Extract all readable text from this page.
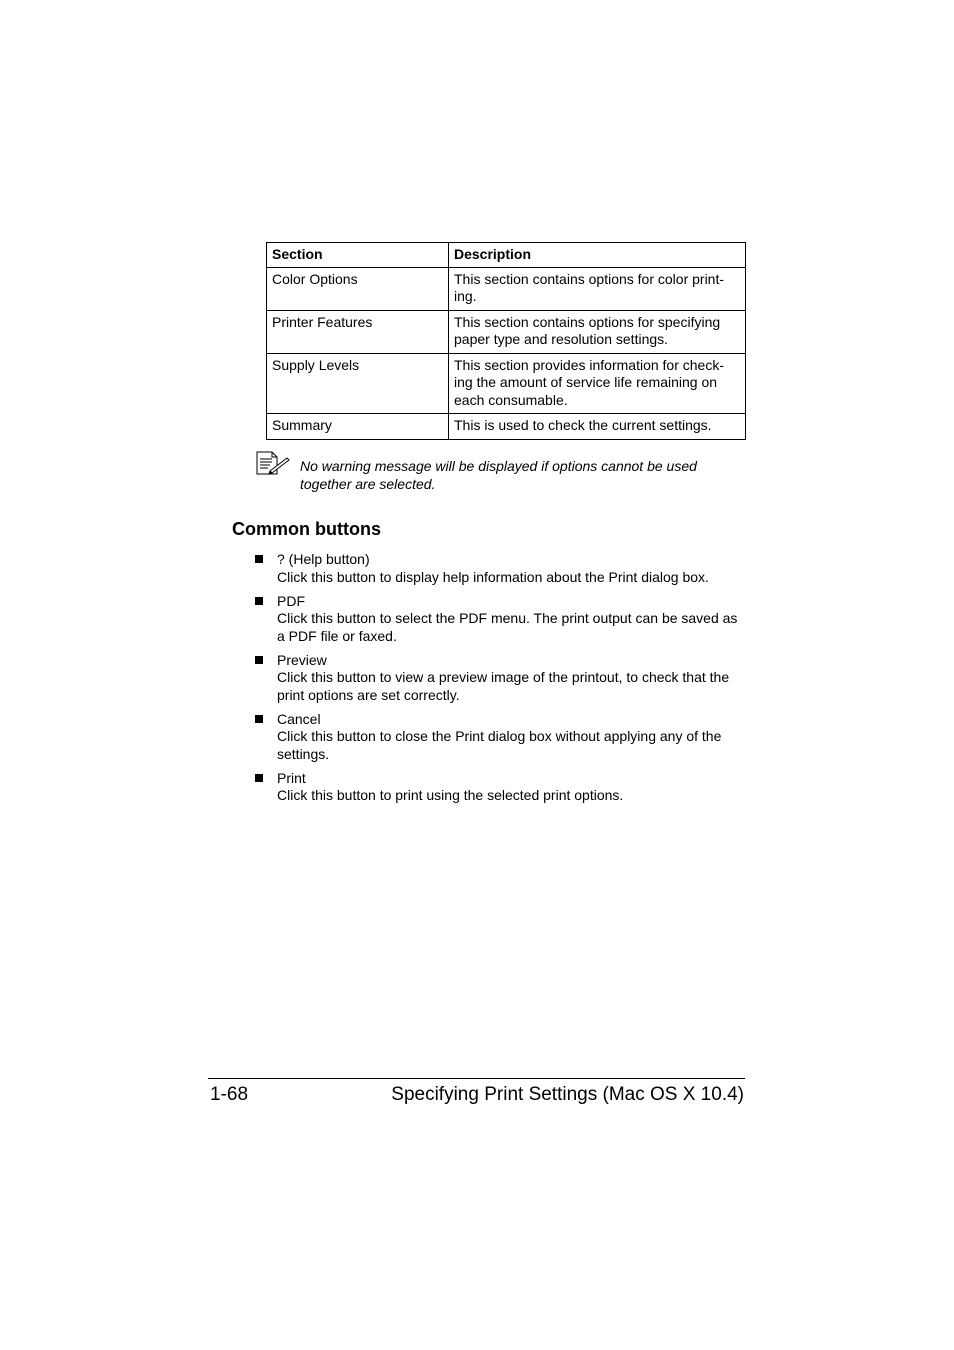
Section	Description
Color Options	This section contains options for color print-ing.
Printer Features	This section contains options for specifying paper type and resolution settings.
Supply Levels	This section provides information for check-ing the amount of service life remaining on each consumable.
Summary	This is used to check the current settings.
No warning message will be displayed if options cannot be used together are selected.
Common buttons
? (Help button)
Click this button to display help information about the Print dialog box.
PDF
Click this button to select the PDF menu. The print output can be saved as a PDF file or faxed.
Preview
Click this button to view a preview image of the printout, to check that the print options are set correctly.
Cancel
Click this button to close the Print dialog box without applying any of the settings.
Print
Click this button to print using the selected print options.
1-68	Specifying Print Settings (Mac OS X 10.4)
